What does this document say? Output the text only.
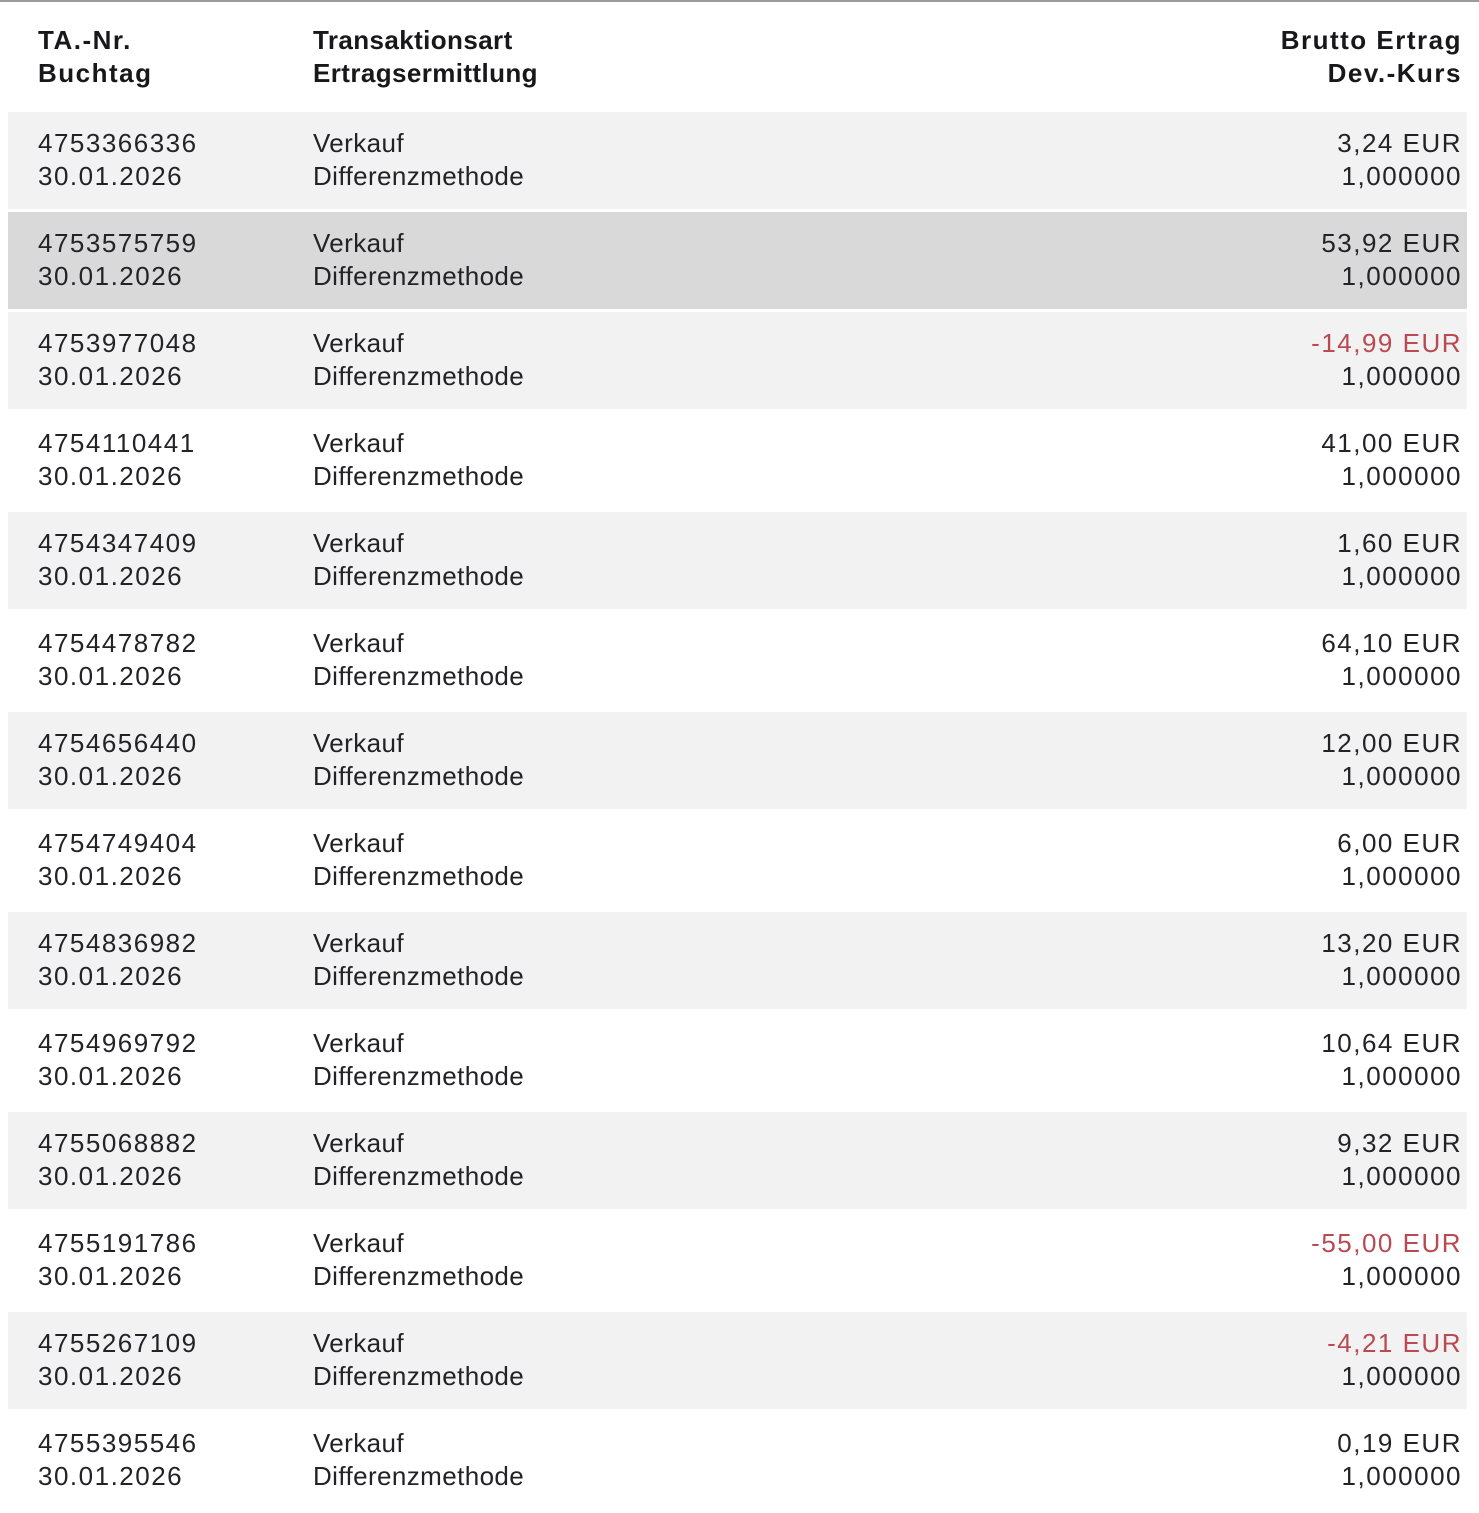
TA.-Nr.
Buchtag
Transaktionsart
Ertragsermittlung
Brutto Ertrag
Dev.-Kurs
4753366336
30.01.2026
Verkauf
Differenzmethode
3,24 EUR
1,000000
4753575759
30.01.2026
Verkauf
Differenzmethode
53,92 EUR
1,000000
4753977048
30.01.2026
Verkauf
Differenzmethode
-14,99 EUR
1,000000
4754110441
30.01.2026
Verkauf
Differenzmethode
41,00 EUR
1,000000
4754347409
30.01.2026
Verkauf
Differenzmethode
1,60 EUR
1,000000
4754478782
30.01.2026
Verkauf
Differenzmethode
64,10 EUR
1,000000
4754656440
30.01.2026
Verkauf
Differenzmethode
12,00 EUR
1,000000
4754749404
30.01.2026
Verkauf
Differenzmethode
6,00 EUR
1,000000
4754836982
30.01.2026
Verkauf
Differenzmethode
13,20 EUR
1,000000
4754969792
30.01.2026
Verkauf
Differenzmethode
10,64 EUR
1,000000
4755068882
30.01.2026
Verkauf
Differenzmethode
9,32 EUR
1,000000
4755191786
30.01.2026
Verkauf
Differenzmethode
-55,00 EUR
1,000000
4755267109
30.01.2026
Verkauf
Differenzmethode
-4,21 EUR
1,000000
4755395546
30.01.2026
Verkauf
Differenzmethode
0,19 EUR
1,000000
